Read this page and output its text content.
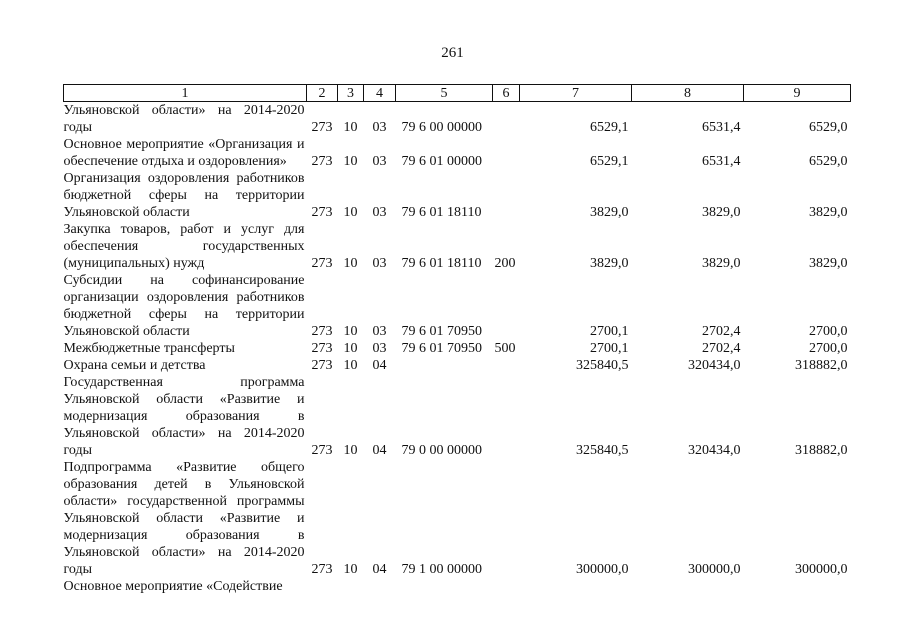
261
1	2	3	4	5	6	7	8	9
Ульяновской области» на 2014-2020 годы	273	10	03	79 6 00 00000		6529,1	6531,4	6529,0
Основное мероприятие «Организация и обеспечение отдыха и оздоровления»	273	10	03	79 6 01 00000		6529,1	6531,4	6529,0
Организация оздоровления работников бюджетной сферы на территории Ульяновской области	273	10	03	79 6 01 18110		3829,0	3829,0	3829,0
Закупка товаров, работ и услуг для обеспечения государственных (муниципальных) нужд	273	10	03	79 6 01 18110	200	3829,0	3829,0	3829,0
Субсидии на софинансирование организации оздоровления работников бюджетной сферы на территории Ульяновской области	273	10	03	79 6 01 70950		2700,1	2702,4	2700,0
Межбюджетные трансферты	273	10	03	79 6 01 70950	500	2700,1	2702,4	2700,0
Охрана семьи и детства	273	10	04			325840,5	320434,0	318882,0
Государственная программа Ульяновской области «Развитие и модернизация образования в Ульяновской области» на 2014-2020 годы	273	10	04	79 0 00 00000		325840,5	320434,0	318882,0
Подпрограмма «Развитие общего образования детей в Ульяновской области» государственной программы Ульяновской области «Развитие и модернизация образования в Ульяновской области» на 2014-2020 годы	273	10	04	79 1 00 00000		300000,0	300000,0	300000,0
Основное мероприятие «Содействие								
